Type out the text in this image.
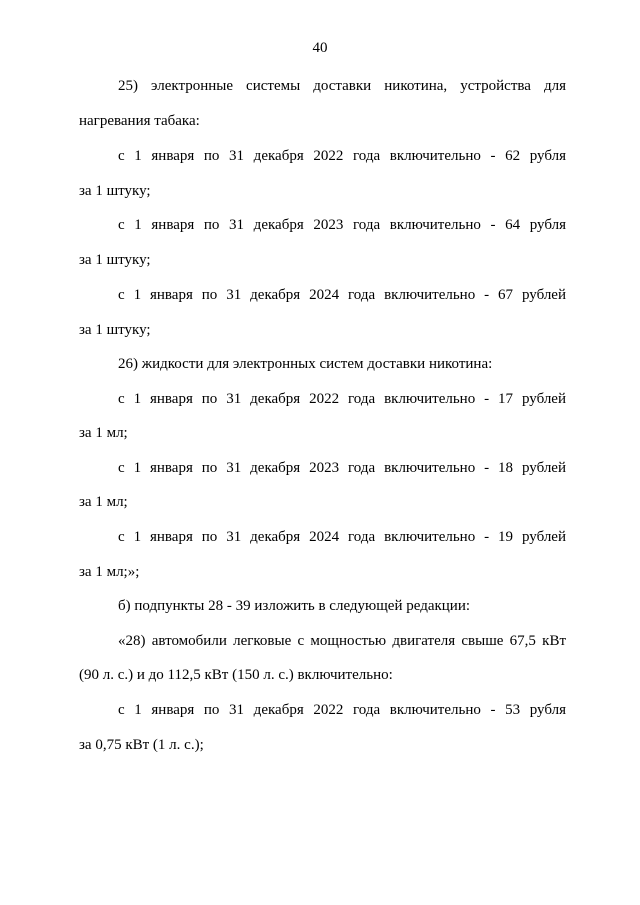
40
25) электронные системы доставки никотина, устройства для
нагревания табака:
с 1 января по 31 декабря 2022 года включительно - 62 рубля
за 1 штуку;
с 1 января по 31 декабря 2023 года включительно - 64 рубля
за 1 штуку;
с 1 января по 31 декабря 2024 года включительно - 67 рублей
за 1 штуку;
26) жидкости для электронных систем доставки никотина:
с 1 января по 31 декабря 2022 года включительно - 17 рублей
за 1 мл;
с 1 января по 31 декабря 2023 года включительно - 18 рублей
за 1 мл;
с 1 января по 31 декабря 2024 года включительно - 19 рублей
за 1 мл;»;
б) подпункты 28 - 39 изложить в следующей редакции:
«28) автомобили легковые с мощностью двигателя свыше 67,5 кВт
(90 л. с.) и до 112,5 кВт (150 л. с.) включительно:
с 1 января по 31 декабря 2022 года включительно - 53 рубля
за 0,75 кВт (1 л. с.);
